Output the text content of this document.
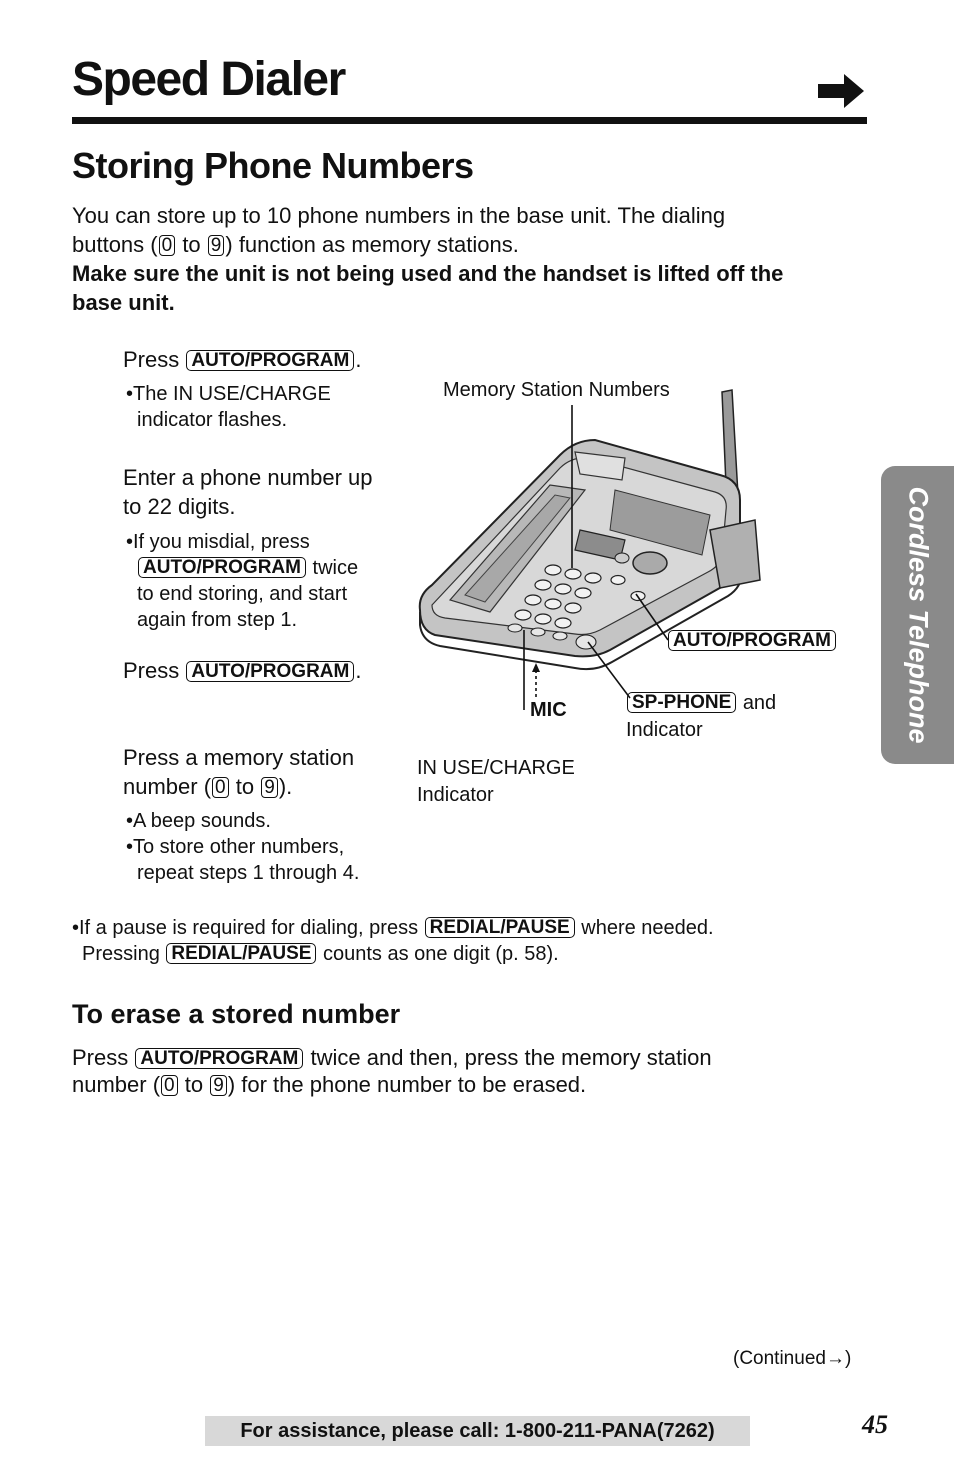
Speed Dialer
Storing Phone Numbers
You can store up to 10 phone numbers in the base unit. The dialing
buttons ( 0 to 9 ) function as memory stations.
Make sure the unit is not being used and the handset is lifted off the
base unit.
Press AUTO/PROGRAM .
•The IN USE/CHARGE
indicator flashes.
Enter a phone number up
to 22 digits.
•If you misdial, press
AUTO/PROGRAM twice
to end storing, and start
again from step 1.
Press AUTO/PROGRAM .
Press a memory station
number ( 0 to 9 ).
•A beep sounds.
•To store other numbers,
repeat steps 1 through 4.
Memory Station Numbers
AUTO/PROGRAM
MIC	SP-PHONE and
Indicator
IN USE/CHARGE
Indicator
•If a pause is required for dialing, press REDIAL/PAUSE where needed.
Pressing REDIAL/PAUSE counts as one digit (p. 58).
To erase a stored number
Press AUTO/PROGRAM twice and then, press the memory station
number ( 0 to 9 ) for the phone number to be erased.
Cordless Telephone
(Continued→)
For assistance, please call: 1-800-211-PANA(7262)	45
